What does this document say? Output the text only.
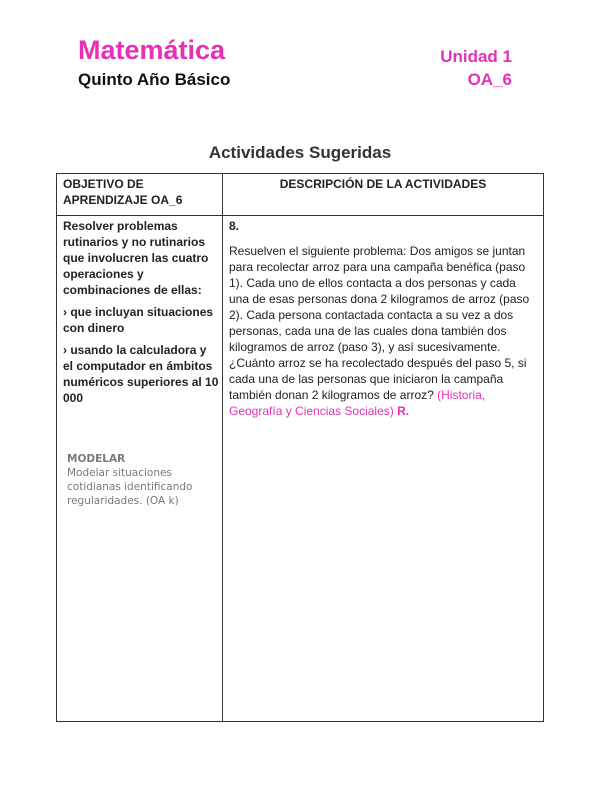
Matemática
Quinto Año Básico
Unidad 1
OA_6
Actividades Sugeridas
OBJETIVO DE APRENDIZAJE OA_6
DESCRIPCIÓN DE LA ACTIVIDADES

Resolver problemas rutinarios y no rutinarios que involucren las cuatro operaciones y combinaciones de ellas:

› que incluyan situaciones con dinero

› usando la calculadora y el computador en ámbitos numéricos superiores al 10 000

MODELAR
Modelar situaciones cotidianas identificando regularidades. (OA k)

8.

Resuelven el siguiente problema: Dos amigos se juntan para recolectar arroz para una campaña benéfica (paso 1). Cada uno de ellos contacta a dos personas y cada una de esas personas dona 2 kilogramos de arroz (paso 2). Cada persona contactada contacta a su vez a dos personas, cada una de las cuales dona también dos kilogramos de arroz (paso 3), y así sucesivamente. ¿Cuánto arroz se ha recolectado después del paso 5, si cada una de las personas que iniciaron la campaña también donan 2 kilogramos de arroz? (Historia, Geografía y Ciencias Sociales) R.
